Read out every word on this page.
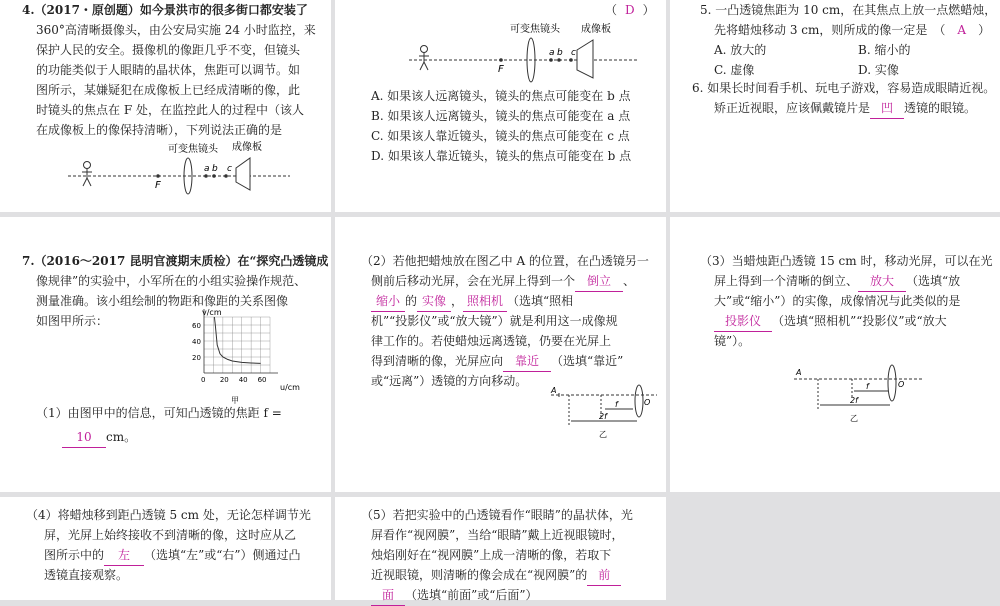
4.（2017・原创题）如今景洪市的很多街口都安装了
360°高清晰摄像头，由公安局实施 24 小时监控，来
保护人民的安全。摄像机的像距几乎不变，但镜头
的功能类似于人眼睛的晶状体，焦距可以调节。如
图所示，某嫌疑犯在成像板上已经成清晰的像，此
时镜头的焦点在 F 处，在监控此人的过程中（该人
在成像板上的像保持清晰），下列说法正确的是
可变焦镜头 成像板
F
a b c
（ D ）
可变焦镜头 成像板
F
a b c
A. 如果该人远离镜头，镜头的焦点可能变在 b 点
B. 如果该人远离镜头，镜头的焦点可能变在 a 点
C. 如果该人靠近镜头，镜头的焦点可能变在 c 点
D. 如果该人靠近镜头，镜头的焦点可能变在 b 点
5. 一凸透镜焦距为 10 cm，在其焦点上放一点燃蜡烛，
先将蜡烛移动 3 cm，则所成的像一定是　（　A　）
A. 放大的	B. 缩小的
C. 虚像	D. 实像
6. 如果长时间看手机、玩电子游戏，容易造成眼睛近视。
矫正近视眼，应该佩戴镜片是 凹 透镜的眼镜。
7.（2016～2017 昆明官渡期末质检）在“探究凸透镜成
像规律”的实验中，小军所在的小组实验操作规范、
测量准确。该小组绘制的物距和像距的关系图像
如图甲所示：
v/cm
u/cm
甲
0 20 40 60
20
40
60
（1）由图甲中的信息，可知凸透镜的焦距 f =
10 cm。
（2）若他把蜡烛放在图乙中 A 的位置，在凸透镜另一
侧前后移动光屏，会在光屏上得到一个 倒立 、
缩小 的 实像 ， 照相机 （选填“照相
机”“投影仪”或“放大镜”）就是利用这一成像规
律工作的。若使蜡烛远离透镜，仍要在光屏上
得到清晰的像，光屏应向 靠近 （选填“靠近”
或“远离”）透镜的方向移动。
A
f
2f
O
乙
（3）当蜡烛距凸透镜 15 cm 时，移动光屏，可以在光
屏上得到一个清晰的倒立、 放大 （选填“放
大”或“缩小”）的实像，成像情况与此类似的是
投影仪 （选填“照相机”“投影仪”或“放大
镜”）。
A
f
2f
O
乙
（4）将蜡烛移到距凸透镜 5 cm 处，无论怎样调节光
屏，光屏上始终接收不到清晰的像，这时应从乙
图所示中的 左 （选填“左”或“右”）侧通过凸
透镜直接观察。
（5）若把实验中的凸透镜看作“眼睛”的晶状体，光
屏看作“视网膜”，当给“眼睛”戴上近视眼镜时，
烛焰刚好在“视网膜”上成一清晰的像，若取下
近视眼镜，则清晰的像会成在“视网膜”的 前
面 （选填“前面”或“后面”）
